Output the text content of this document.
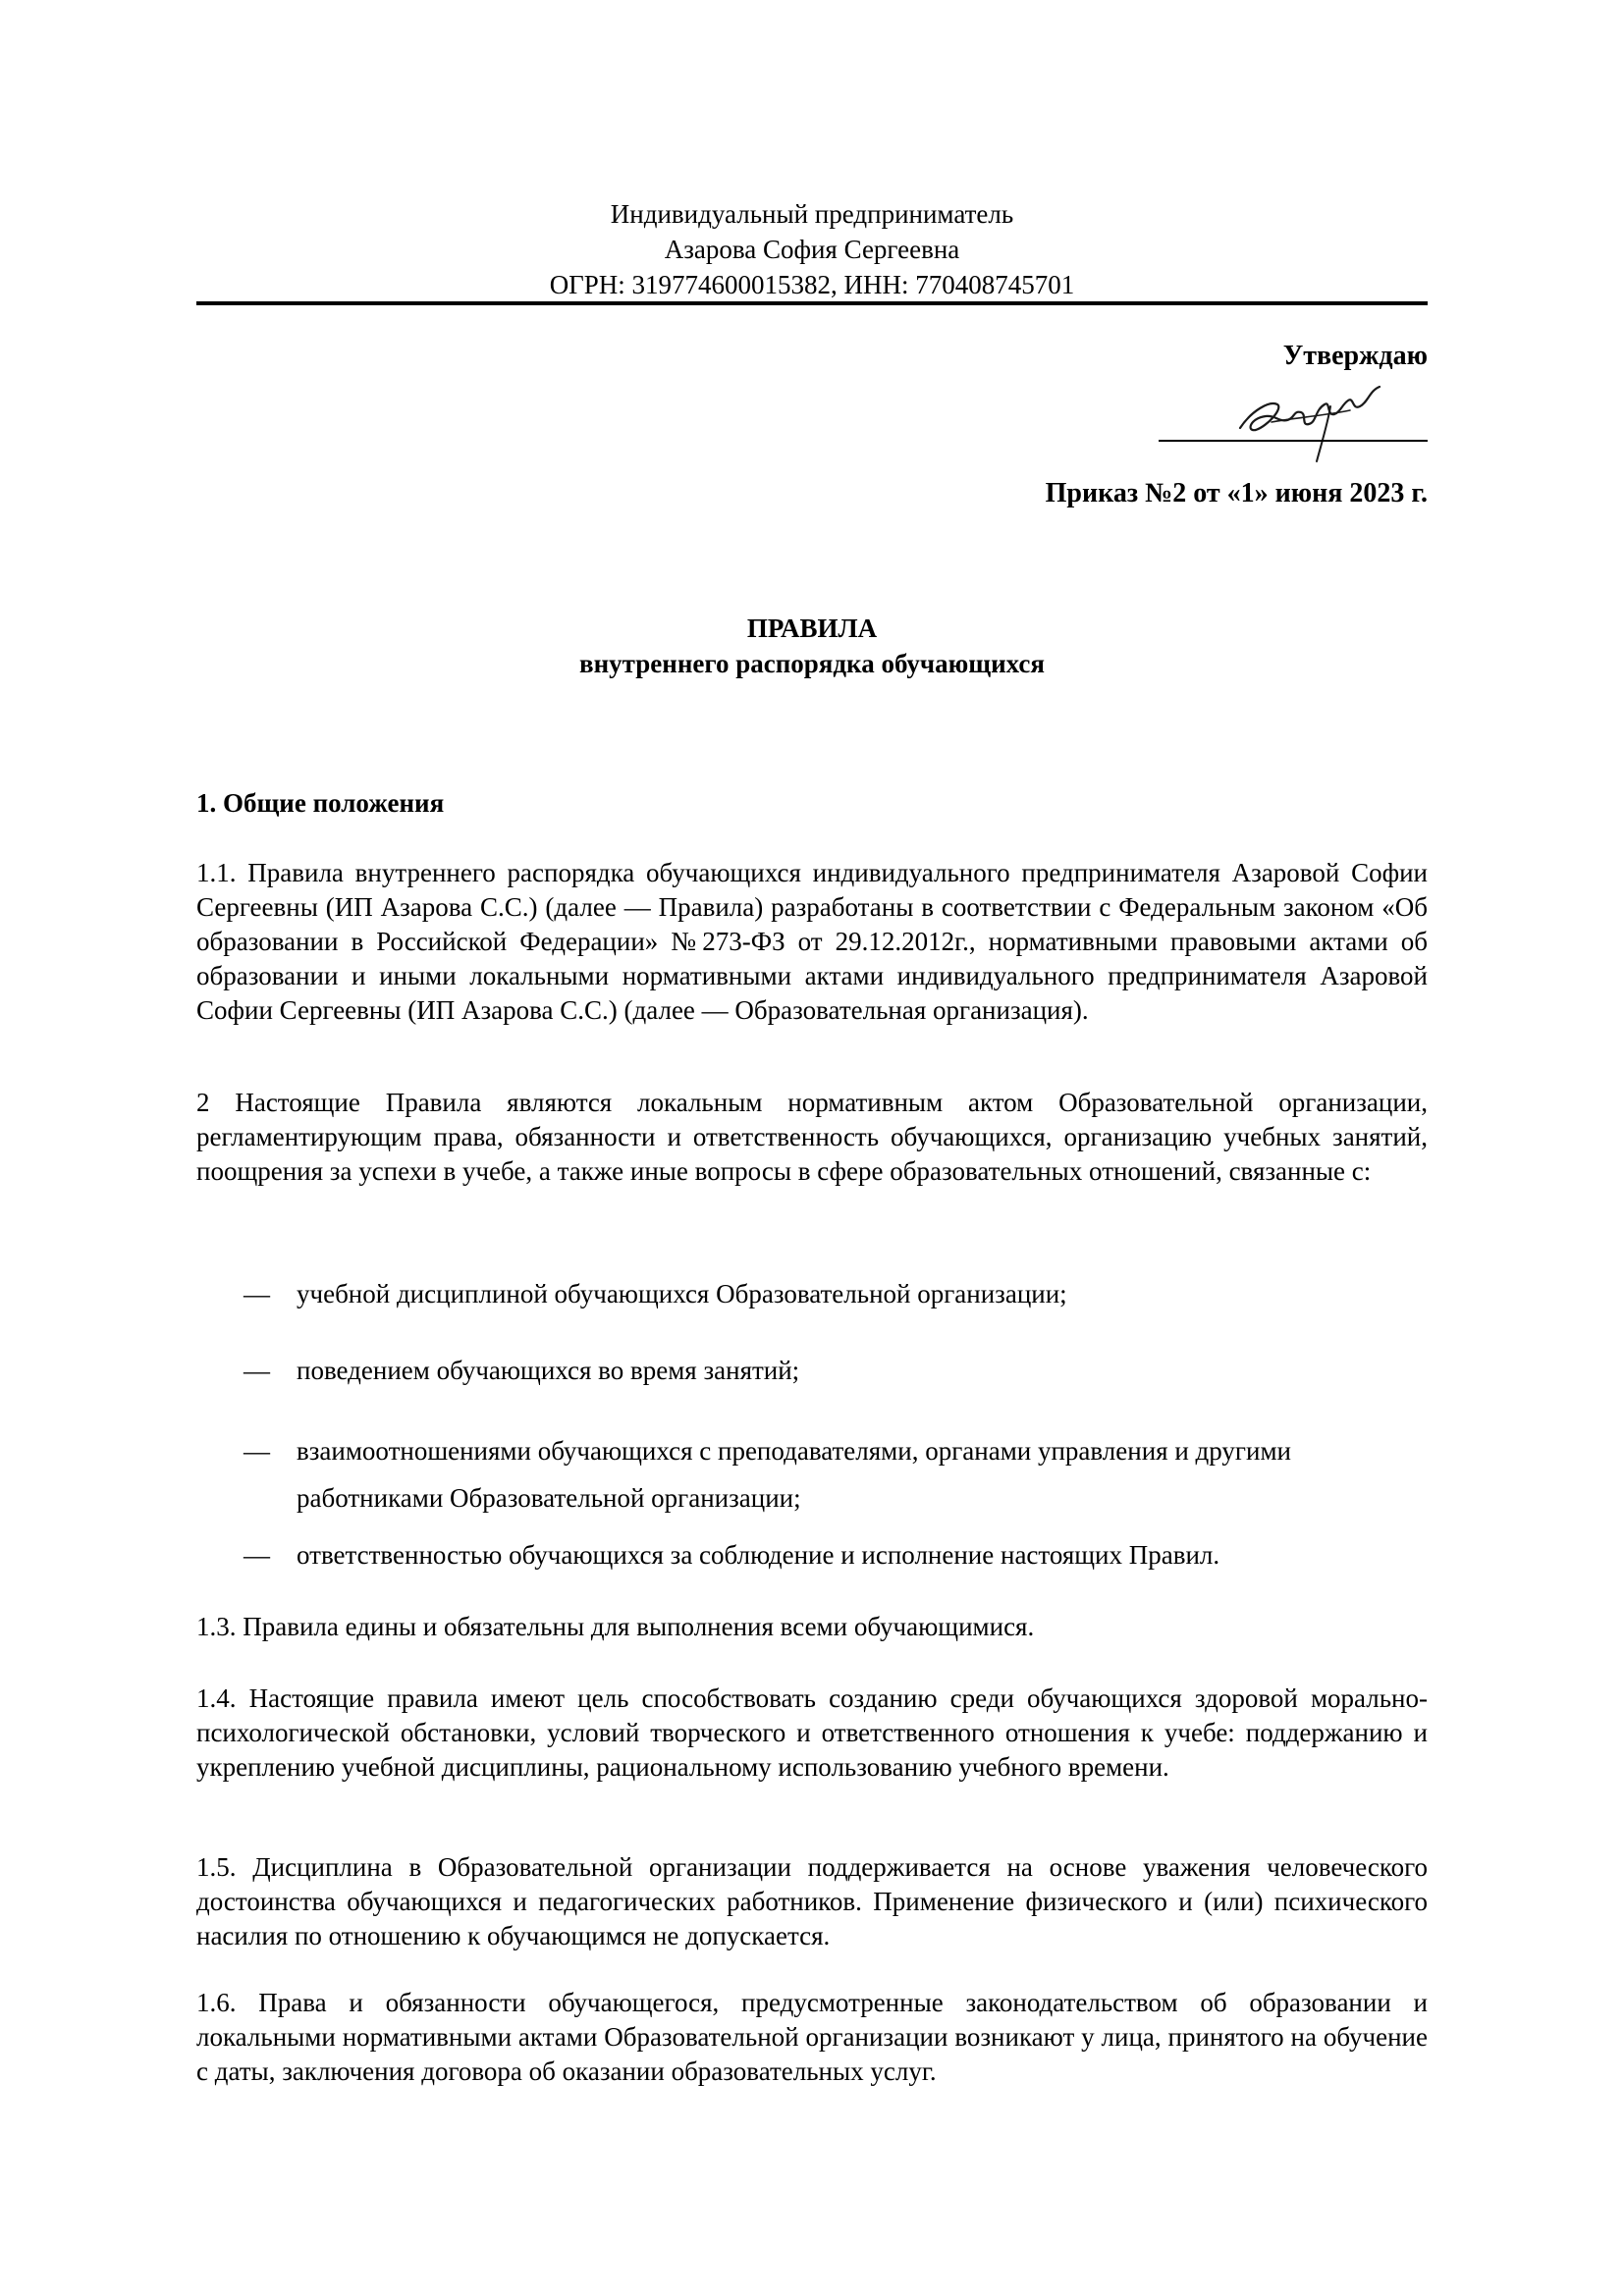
Индивидуальный предприниматель
Азарова София Сергеевна
ОГРН: 319774600015382, ИНН: 770408745701
Утверждаю
Приказ №2 от «1» июня 2023 г.
ПРАВИЛА
внутреннего распорядка обучающихся
1. Общие положения
1.1. Правила внутреннего распорядка обучающихся индивидуального предпринимателя Азаровой Софии Сергеевны (ИП Азарова С.С.) (далее — Правила) разработаны в соответствии с Федеральным законом «Об образовании в Российской Федерации» №273-ФЗ от 29.12.2012г., нормативными правовыми актами об образовании и иными локальными нормативными актами индивидуального предпринимателя Азаровой Софии Сергеевны (ИП Азарова С.С.) (далее — Образовательная организация).
2 Настоящие Правила являются локальным нормативным актом Образовательной организации, регламентирующим права, обязанности и ответственность обучающихся, организацию учебных занятий, поощрения за успехи в учебе, а также иные вопросы в сфере образовательных отношений, связанные с:
— учебной дисциплиной обучающихся Образовательной организации;
— поведением обучающихся во время занятий;
— взаимоотношениями обучающихся с преподавателями, органами управления и другими работниками Образовательной организации;
— ответственностью обучающихся за соблюдение и исполнение настоящих Правил.
1.3. Правила едины и обязательны для выполнения всеми обучающимися.
1.4. Настоящие правила имеют цель способствовать созданию среди обучающихся здоровой морально-психологической обстановки, условий творческого и ответственного отношения к учебе: поддержанию и укреплению учебной дисциплины, рациональному использованию учебного времени.
1.5. Дисциплина в Образовательной организации поддерживается на основе уважения человеческого достоинства обучающихся и педагогических работников. Применение физического и (или) психического насилия по отношению к обучающимся не допускается.
1.6. Права и обязанности обучающегося, предусмотренные законодательством об образовании и локальными нормативными актами Образовательной организации возникают у лица, принятого на обучение с даты, заключения договора об оказании образовательных услуг.
